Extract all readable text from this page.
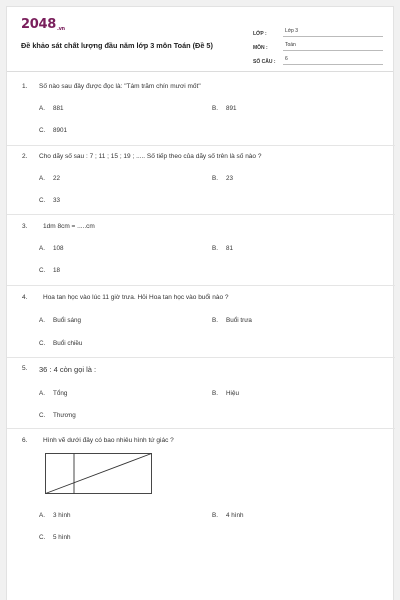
2048.vn
Đề khảo sát chất lượng đầu năm lớp 3 môn Toán (Đề 5)
LỚP :	Lớp 3
MÔN :	Toán
SỐ CÂU :	6
1. Số nào sau đây được đọc là: "Tám trăm chín mươi mốt"
A. 881	B. 891
C. 8901
2. Cho dãy số sau : 7 ; 11 ; 15 ; 19 ; ..... Số tiếp theo của dãy số trên là số nào ?
A. 22	B. 23
C. 33
3. 1dm 8cm = .....cm
A. 108	B. 81
C. 18
4. Hoa tan học vào lúc 11 giờ trưa. Hỏi Hoa tan học vào buổi nào ?
A. Buổi sáng	B. Buổi trưa
C. Buổi chiều
5. 36 : 4 còn gọi là :
A. Tổng	B. Hiệu
C. Thương
6. Hình vẽ dưới đây có bao nhiêu hình tứ giác ?
A. 3 hình	B. 4 hình
C. 5 hình
